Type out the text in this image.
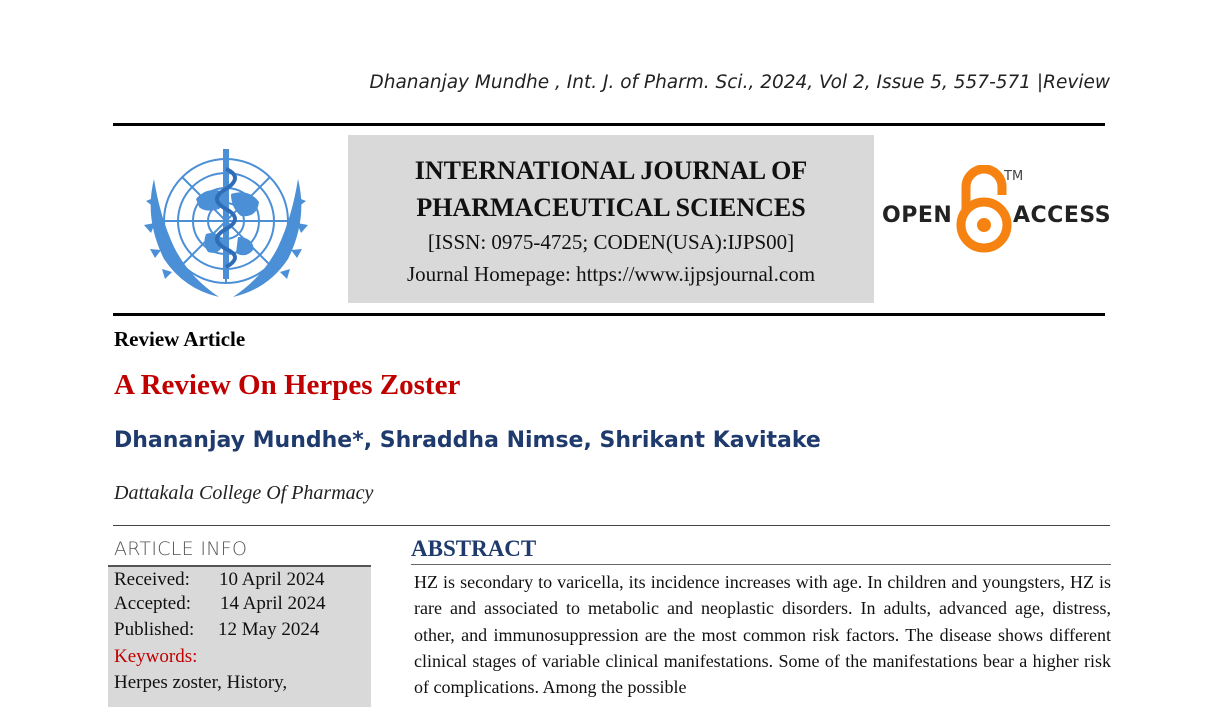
Dhananjay Mundhe , Int. J. of Pharm. Sci., 2024, Vol 2, Issue 5, 557-571 |Review
INTERNATIONAL JOURNAL OF PHARMACEUTICAL SCIENCES
[ISSN: 0975-4725; CODEN(USA):IJPS00]
Journal Homepage: https://www.ijpsjournal.com
OPEN
TM
ACCESS
Review Article
A Review On Herpes Zoster
Dhananjay Mundhe*, Shraddha Nimse, Shrikant Kavitake
Dattakala College Of Pharmacy
ARTICLE INFO
Received: 10 April 2024
Accepted: 14 April 2024
Published: 12 May 2024
Keywords:
Herpes zoster, History,
ABSTRACT
HZ is secondary to varicella, its incidence increases with age. In children and youngsters, HZ is rare and associated to metabolic and neoplastic disorders. In adults, advanced age, distress, other, and immunosuppression are the most common risk factors. The disease shows different clinical stages of variable clinical manifestations. Some of the manifestations bear a higher risk of complications. Among the possible
